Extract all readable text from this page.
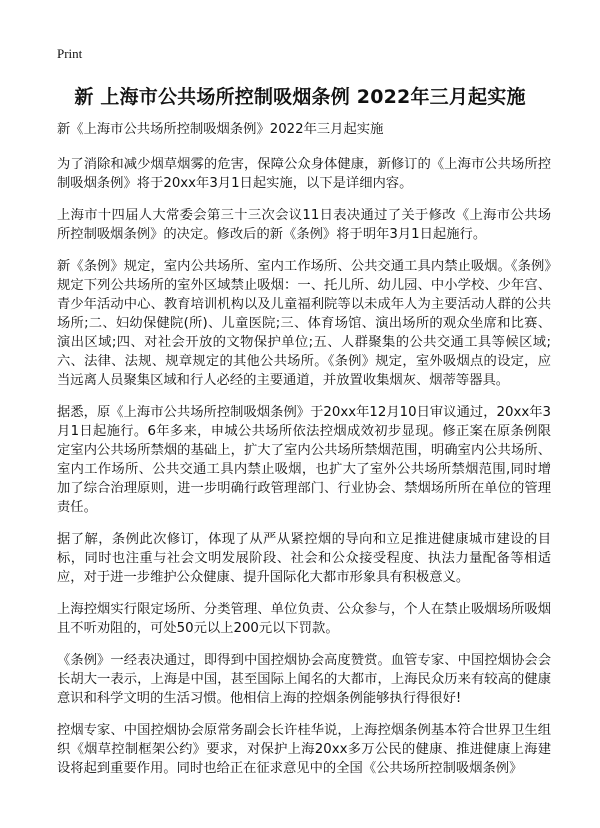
Print
新 上海市公共场所控制吸烟条例 2022年三月起实施

新《上海市公共场所控制吸烟条例》2022年三月起实施

为了消除和减少烟草烟雾的危害，保障公众身体健康，新修订的《上海市公共场所控制吸烟条例》将于20xx年3月1日起实施，以下是详细内容。

上海市十四届人大常委会第三十三次会议11日表决通过了关于修改《上海市公共场所控制吸烟条例》的决定。修改后的新《条例》将于明年3月1日起施行。

新《条例》规定，室内公共场所、室内工作场所、公共交通工具内禁止吸烟。《条例》规定下列公共场所的室外区域禁止吸烟：一、托儿所、幼儿园、中小学校、少年宫、青少年活动中心、教育培训机构以及儿童福利院等以未成年人为主要活动人群的公共场所;二、妇幼保健院(所)、儿童医院;三、体育场馆、演出场所的观众坐席和比赛、演出区域;四、对社会开放的文物保护单位;五、人群聚集的公共交通工具等候区域;六、法律、法规、规章规定的其他公共场所。《条例》规定，室外吸烟点的设定，应当远离人员聚集区域和行人必经的主要通道，并放置收集烟灰、烟蒂等器具。

据悉，原《上海市公共场所控制吸烟条例》于20xx年12月10日审议通过，20xx年3月1日起施行。6年多来，申城公共场所依法控烟成效初步显现。修正案在原条例限定室内公共场所禁烟的基础上，扩大了室内公共场所禁烟范围，明确室内公共场所、室内工作场所、公共交通工具内禁止吸烟，也扩大了室外公共场所禁烟范围,同时增加了综合治理原则，进一步明确行政管理部门、行业协会、禁烟场所所在单位的管理责任。

据了解，条例此次修订，体现了从严从紧控烟的导向和立足推进健康城市建设的目标，同时也注重与社会文明发展阶段、社会和公众接受程度、执法力量配备等相适应，对于进一步维护公众健康、提升国际化大都市形象具有积极意义。

上海控烟实行限定场所、分类管理、单位负责、公众参与，个人在禁止吸烟场所吸烟且不听劝阻的，可处50元以上200元以下罚款。

《条例》一经表决通过，即得到中国控烟协会高度赞赏。血管专家、中国控烟协会会长胡大一表示，上海是中国，甚至国际上闻名的大都市，上海民众历来有较高的健康意识和科学文明的生活习惯。他相信上海的控烟条例能够执行得很好!

控烟专家、中国控烟协会原常务副会长许桂华说，上海控烟条例基本符合世界卫生组织《烟草控制框架公约》要求，对保护上海20xx多万公民的健康、推进健康上海建设将起到重要作用。同时也给正在征求意见中的全国《公共场所控制吸烟条例》
